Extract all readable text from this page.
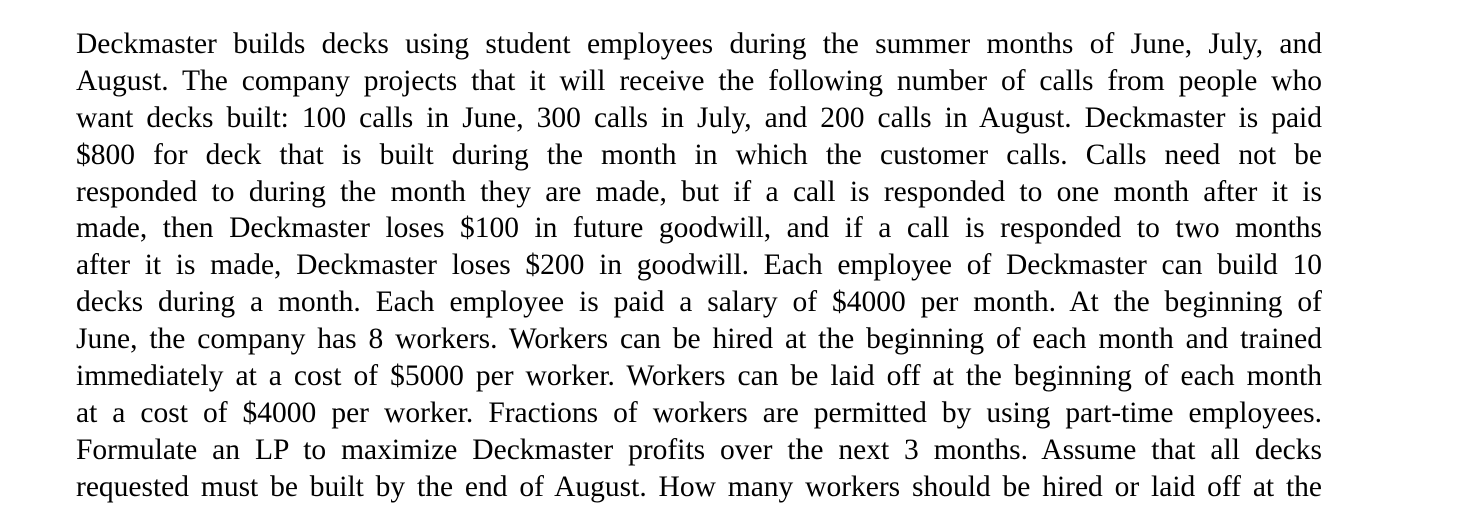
Deckmaster builds decks using student employees during the summer months of June, July, and
August. The company projects that it will receive the following number of calls from people who
want decks built: 100 calls in June, 300 calls in July, and 200 calls in August. Deckmaster is paid
$800 for deck that is built during the month in which the customer calls. Calls need not be
responded to during the month they are made, but if a call is responded to one month after it is
made, then Deckmaster loses $100 in future goodwill, and if a call is responded to two months
after it is made, Deckmaster loses $200 in goodwill. Each employee of Deckmaster can build 10
decks during a month. Each employee is paid a salary of $4000 per month. At the beginning of
June, the company has 8 workers. Workers can be hired at the beginning of each month and trained
immediately at a cost of $5000 per worker. Workers can be laid off at the beginning of each month
at a cost of $4000 per worker. Fractions of workers are permitted by using part-time employees.
Formulate an LP to maximize Deckmaster profits over the next 3 months. Assume that all decks
requested must be built by the end of August. How many workers should be hired or laid off at the
